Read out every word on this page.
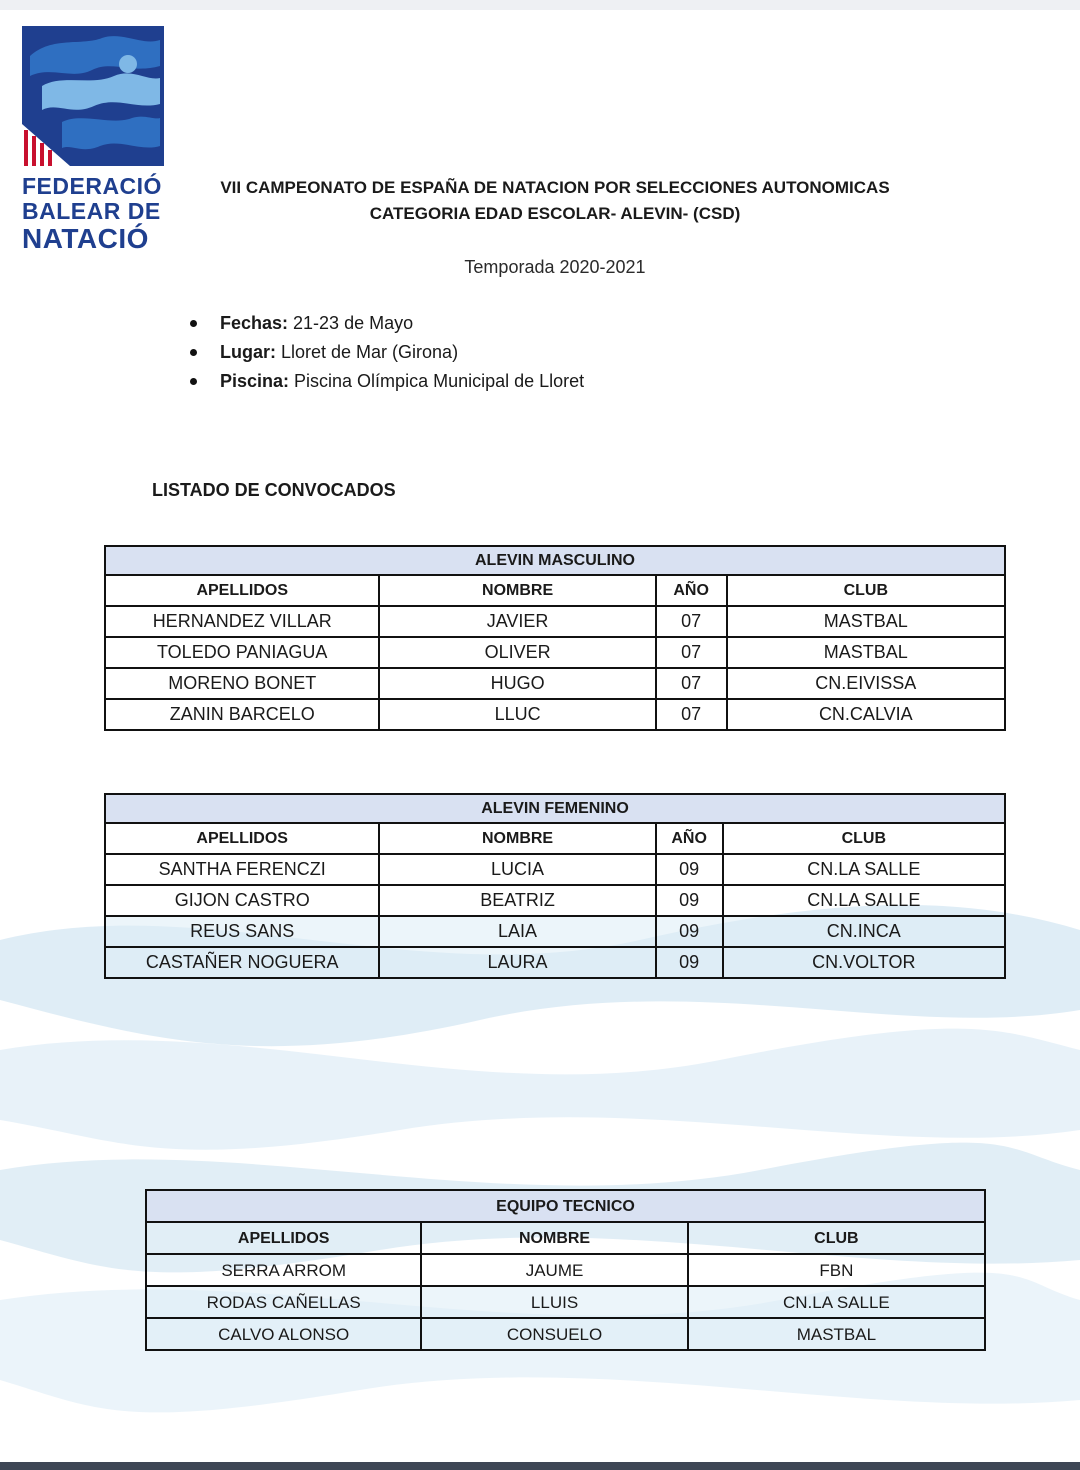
FEDERACIÓ
BALEAR DE
NATACIÓ
VII CAMPEONATO DE ESPAÑA DE NATACION POR SELECCIONES AUTONOMICAS
CATEGORIA EDAD ESCOLAR- ALEVIN- (CSD)
Temporada 2020-2021
Fechas: 21-23 de Mayo
Lugar: Lloret de Mar (Girona)
Piscina: Piscina Olímpica Municipal de Lloret
LISTADO DE CONVOCADOS
ALEVIN MASCULINO			
APELLIDOS	NOMBRE	AÑO	CLUB
HERNANDEZ VILLAR	JAVIER	07	MASTBAL
TOLEDO PANIAGUA	OLIVER	07	MASTBAL
MORENO BONET	HUGO	07	CN.EIVISSA
ZANIN BARCELO	LLUC	07	CN.CALVIA
ALEVIN FEMENINO			
APELLIDOS	NOMBRE	AÑO	CLUB
SANTHA FERENCZI	LUCIA	09	CN.LA SALLE
GIJON CASTRO	BEATRIZ	09	CN.LA SALLE
REUS SANS	LAIA	09	CN.INCA
CASTAÑER NOGUERA	LAURA	09	CN.VOLTOR
EQUIPO TECNICO		
APELLIDOS	NOMBRE	CLUB
SERRA ARROM	JAUME	FBN
RODAS CAÑELLAS	LLUIS	CN.LA SALLE
CALVO ALONSO	CONSUELO	MASTBAL
